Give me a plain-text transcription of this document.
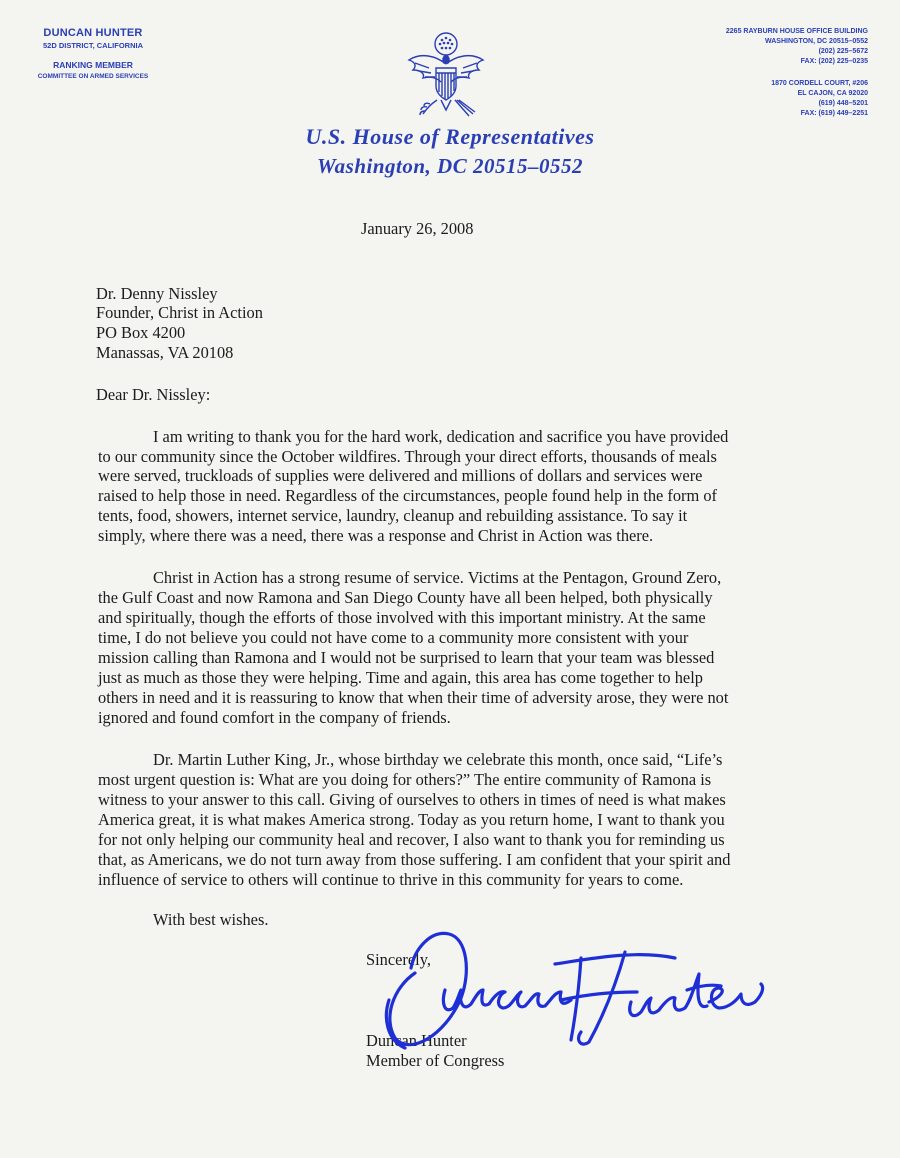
DUNCAN HUNTER
52D DISTRICT, CALIFORNIA
RANKING MEMBER
COMMITTEE ON ARMED SERVICES
2265 RAYBURN HOUSE OFFICE BUILDING
WASHINGTON, DC 20515–0552
(202) 225–5672
FAX: (202) 225–0235
1870 CORDELL COURT, #206
EL CAJON, CA 92020
(619) 448–5201
FAX: (619) 449–2251
U.S. House of Representatives
Washington, DC 20515–0552
January 26, 2008
Dr. Denny Nissley
Founder, Christ in Action
PO Box 4200
Manassas, VA 20108
Dear Dr. Nissley:
I am writing to thank you for the hard work, dedication and sacrifice you have provided
to our community since the October wildfires. Through your direct efforts, thousands of meals
were served, truckloads of supplies were delivered and millions of dollars and services were
raised to help those in need. Regardless of the circumstances, people found help in the form of
tents, food, showers, internet service, laundry, cleanup and rebuilding assistance. To say it
simply, where there was a need, there was a response and Christ in Action was there.
Christ in Action has a strong resume of service. Victims at the Pentagon, Ground Zero,
the Gulf Coast and now Ramona and San Diego County have all been helped, both physically
and spiritually, though the efforts of those involved with this important ministry. At the same
time, I do not believe you could not have come to a community more consistent with your
mission calling than Ramona and I would not be surprised to learn that your team was blessed
just as much as those they were helping. Time and again, this area has come together to help
others in need and it is reassuring to know that when their time of adversity arose, they were not
ignored and found comfort in the company of friends.
Dr. Martin Luther King, Jr., whose birthday we celebrate this month, once said, “Life’s
most urgent question is: What are you doing for others?” The entire community of Ramona is
witness to your answer to this call. Giving of ourselves to others in times of need is what makes
America great, it is what makes America strong. Today as you return home, I want to thank you
for not only helping our community heal and recover, I also want to thank you for reminding us
that, as Americans, we do not turn away from those suffering. I am confident that your spirit and
influence of service to others will continue to thrive in this community for years to come.
With best wishes.
Sincerely,
Duncan Hunter
Member of Congress
